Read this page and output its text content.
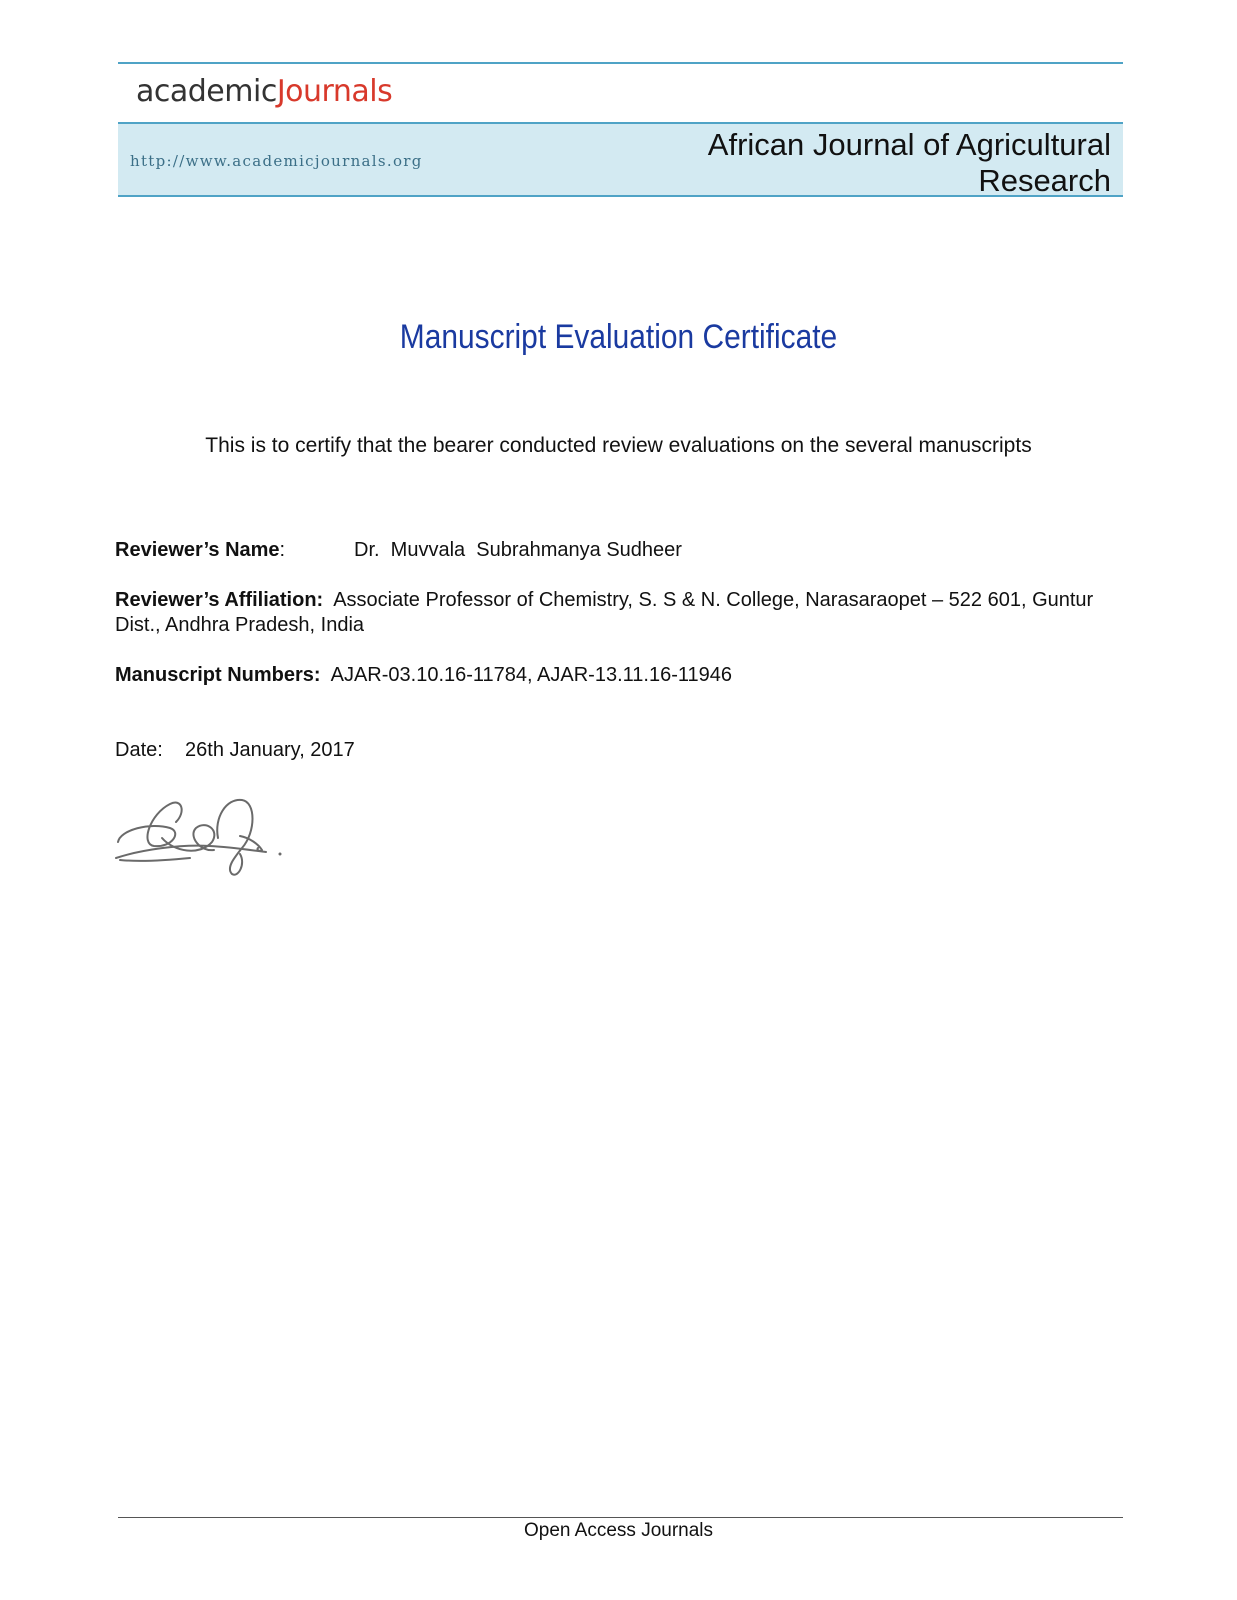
academicJournals
http://www.academicjournals.org	African Journal of Agricultural
Research
Manuscript Evaluation Certificate
This is to certify that the bearer conducted review evaluations on the several manuscripts
Reviewer’s Name:	Dr.  Muvvala  Subrahmanya Sudheer
Reviewer’s Affiliation: Associate Professor of Chemistry, S. S & N. College, Narasaraopet – 522 601, Guntur Dist., Andhra Pradesh, India
Manuscript Numbers: AJAR-03.10.16-11784, AJAR-13.11.16-11946
Date: 26th January, 2017
Open Access Journals
